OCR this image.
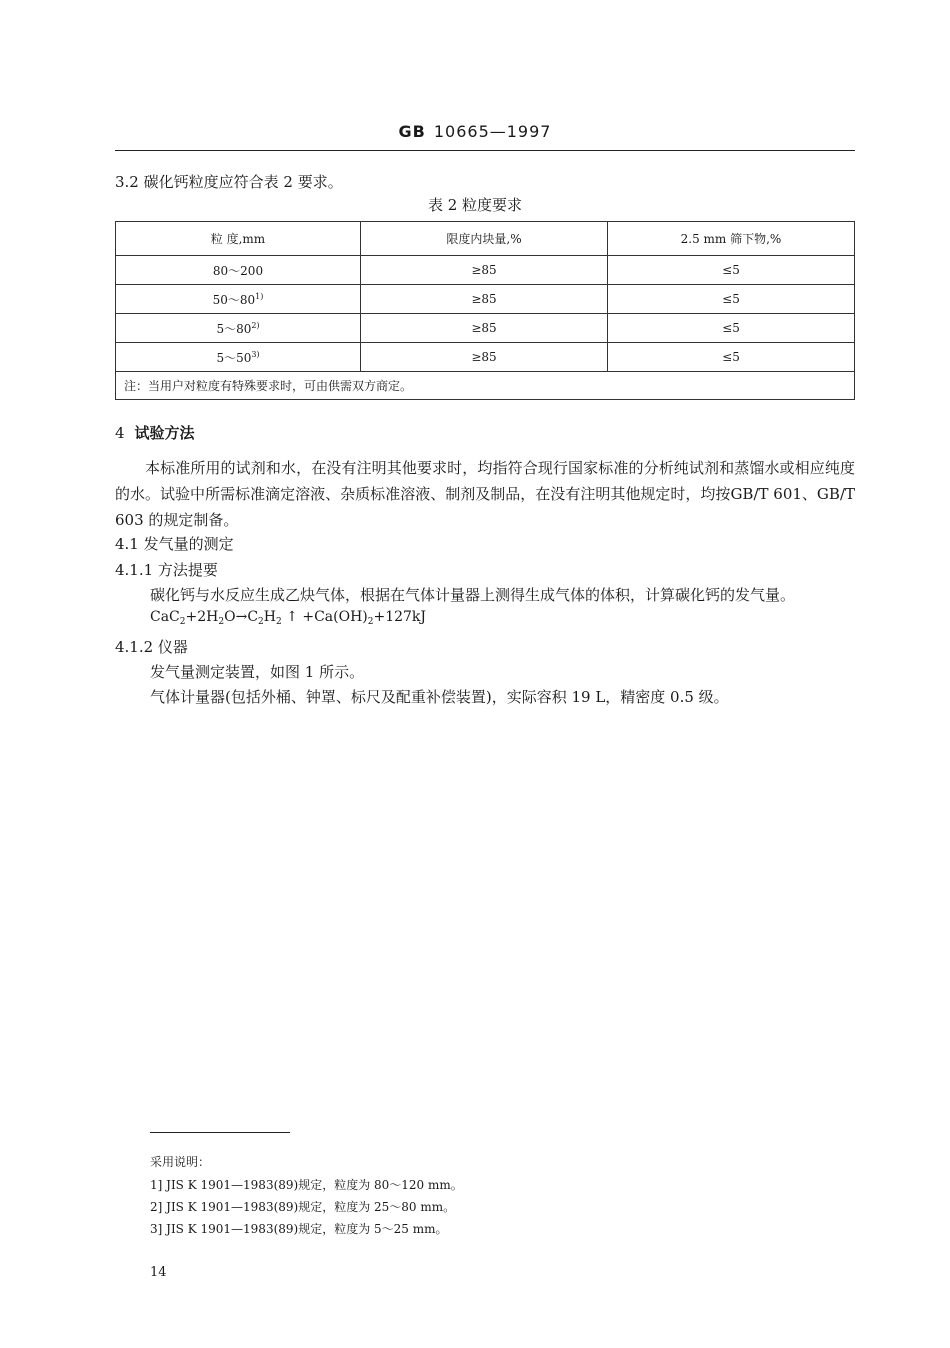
GB 10665—1997
3.2 碳化钙粒度应符合表 2 要求。
表 2 粒度要求
粒 度,mm	限度内块量,%	2.5 mm 筛下物,%
80～200	≥85	≤5
$50\sim 80^{1)}$	≥85	≤5
$5\sim 80^{2)}$	≥85	≤5
$5\sim 50^{3)}$	≥85	≤5
注：当用户对粒度有特殊要求时，可由供需双方商定。		
4 试验方法

本标准所用的试剂和水，在没有注明其他要求时，均指符合现行国家标准的分析纯试剂和蒸馏水或相应纯度的水。试验中所需标准滴定溶液、杂质标准溶液、制剂及制品，在没有注明其他规定时，均按GB/T 601、GB/T 603 的规定制备。

4.1 发气量的测定
4.1.1 方法提要
碳化钙与水反应生成乙炔气体，根据在气体计量器上测得生成气体的体积，计算碳化钙的发气量。
$CaC_2+2H_2O\to C_2H_2$ ↑ $+Ca(OH)_2+127kJ$
4.1.2 仪器
发气量测定装置，如图 1 所示。
气体计量器(包括外桶、钟罩、标尺及配重补偿装置)，实际容积 19 L，精密度 0.5 级。
采用说明：
1] JIS K 1901—1983(89)规定，粒度为 80～120 mm。
2] JIS K 1901—1983(89)规定，粒度为 25～80 mm。
3] JIS K 1901—1983(89)规定，粒度为 5～25 mm。
14
